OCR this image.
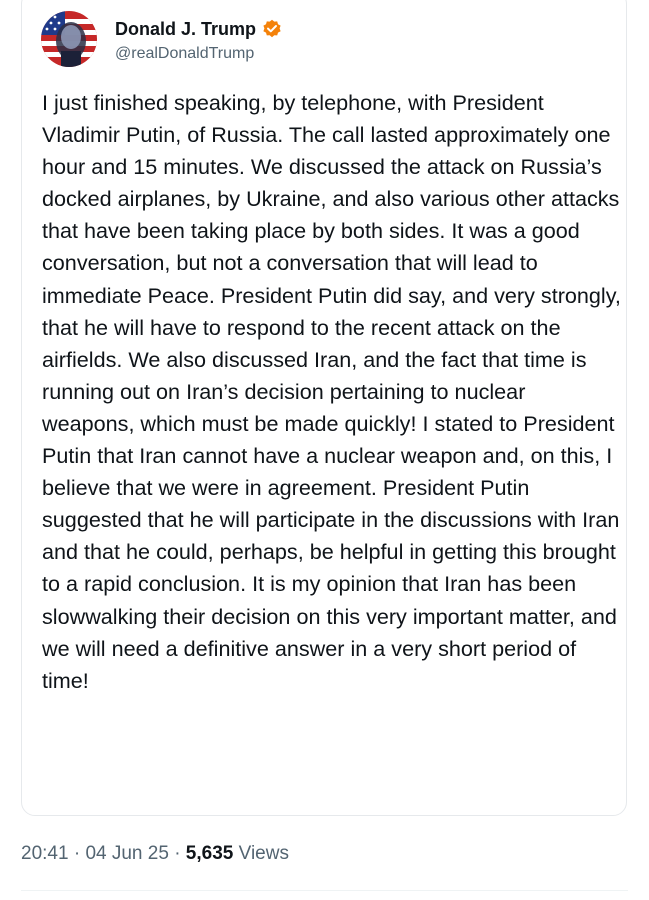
Donald J. Trump
@realDonaldTrump

I just finished speaking, by telephone, with President Vladimir Putin, of Russia. The call lasted approximately one hour and 15 minutes. We discussed the attack on Russia’s docked airplanes, by Ukraine, and also various other attacks that have been taking place by both sides. It was a good conversation, but not a conversation that will lead to immediate Peace. President Putin did say, and very strongly, that he will have to respond to the recent attack on the airfields. We also discussed Iran, and the fact that time is running out on Iran’s decision pertaining to nuclear weapons, which must be made quickly! I stated to President Putin that Iran cannot have a nuclear weapon and, on this, I believe that we were in agreement. President Putin suggested that he will participate in the discussions with Iran and that he could, perhaps, be helpful in getting this brought to a rapid conclusion. It is my opinion that Iran has been slowwalking their decision on this very important matter, and we will need a definitive answer in a very short period of time!

20:41 · 04 Jun 25 · 5,635 Views
